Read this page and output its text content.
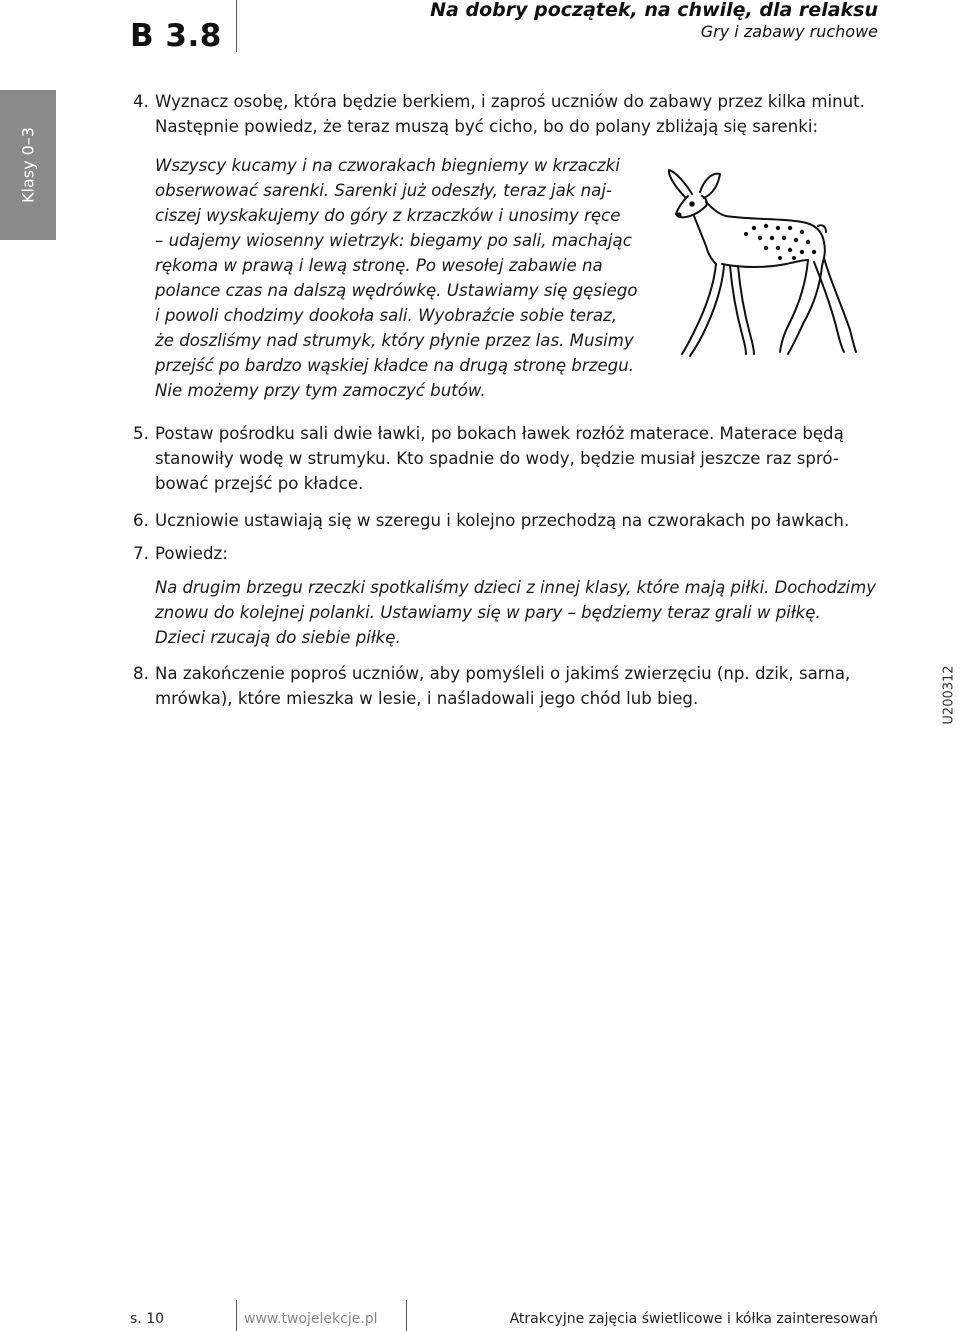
B 3.8
Na dobry początek, na chwilę, dla relaksu
Gry i zabawy ruchowe
Klasy 0–3
U200312
4. Wyznacz osobę, która będzie berkiem, i zaproś uczniów do zabawy przez kilka minut.
Następnie powiedz, że teraz muszą być cicho, bo do polany zbliżają się sarenki:
Wszyscy kucamy i na czworakach biegniemy w krzaczki
obserwować sarenki. Sarenki już odeszły, teraz jak naj-
ciszej wyskakujemy do góry z krzaczków i unosimy ręce
– udajemy wiosenny wietrzyk: biegamy po sali, machając
rękoma w prawą i lewą stronę. Po wesołej zabawie na
polance czas na dalszą wędrówkę. Ustawiamy się gęsiego
i powoli chodzimy dookoła sali. Wyobraźcie sobie teraz,
że doszliśmy nad strumyk, który płynie przez las. Musimy
przejść po bardzo wąskiej kładce na drugą stronę brzegu.
Nie możemy przy tym zamoczyć butów.
5. Postaw pośrodku sali dwie ławki, po bokach ławek rozłóż materace. Materace będą
stanowiły wodę w strumyku. Kto spadnie do wody, będzie musiał jeszcze raz spró-
bować przejść po kładce.
6. Uczniowie ustawiają się w szeregu i kolejno przechodzą na czworakach po ławkach.
7. Powiedz:
Na drugim brzegu rzeczki spotkaliśmy dzieci z innej klasy, które mają piłki. Dochodzimy
znowu do kolejnej polanki. Ustawiamy się w pary – będziemy teraz grali w piłkę.
Dzieci rzucają do siebie piłkę.
8. Na zakończenie poproś uczniów, aby pomyśleli o jakimś zwierzęciu (np. dzik, sarna,
mrówka), które mieszka w lesie, i naśladowali jego chód lub bieg.
s. 10	www.twojelekcje.pl	Atrakcyjne zajęcia świetlicowe i kółka zainteresowań
